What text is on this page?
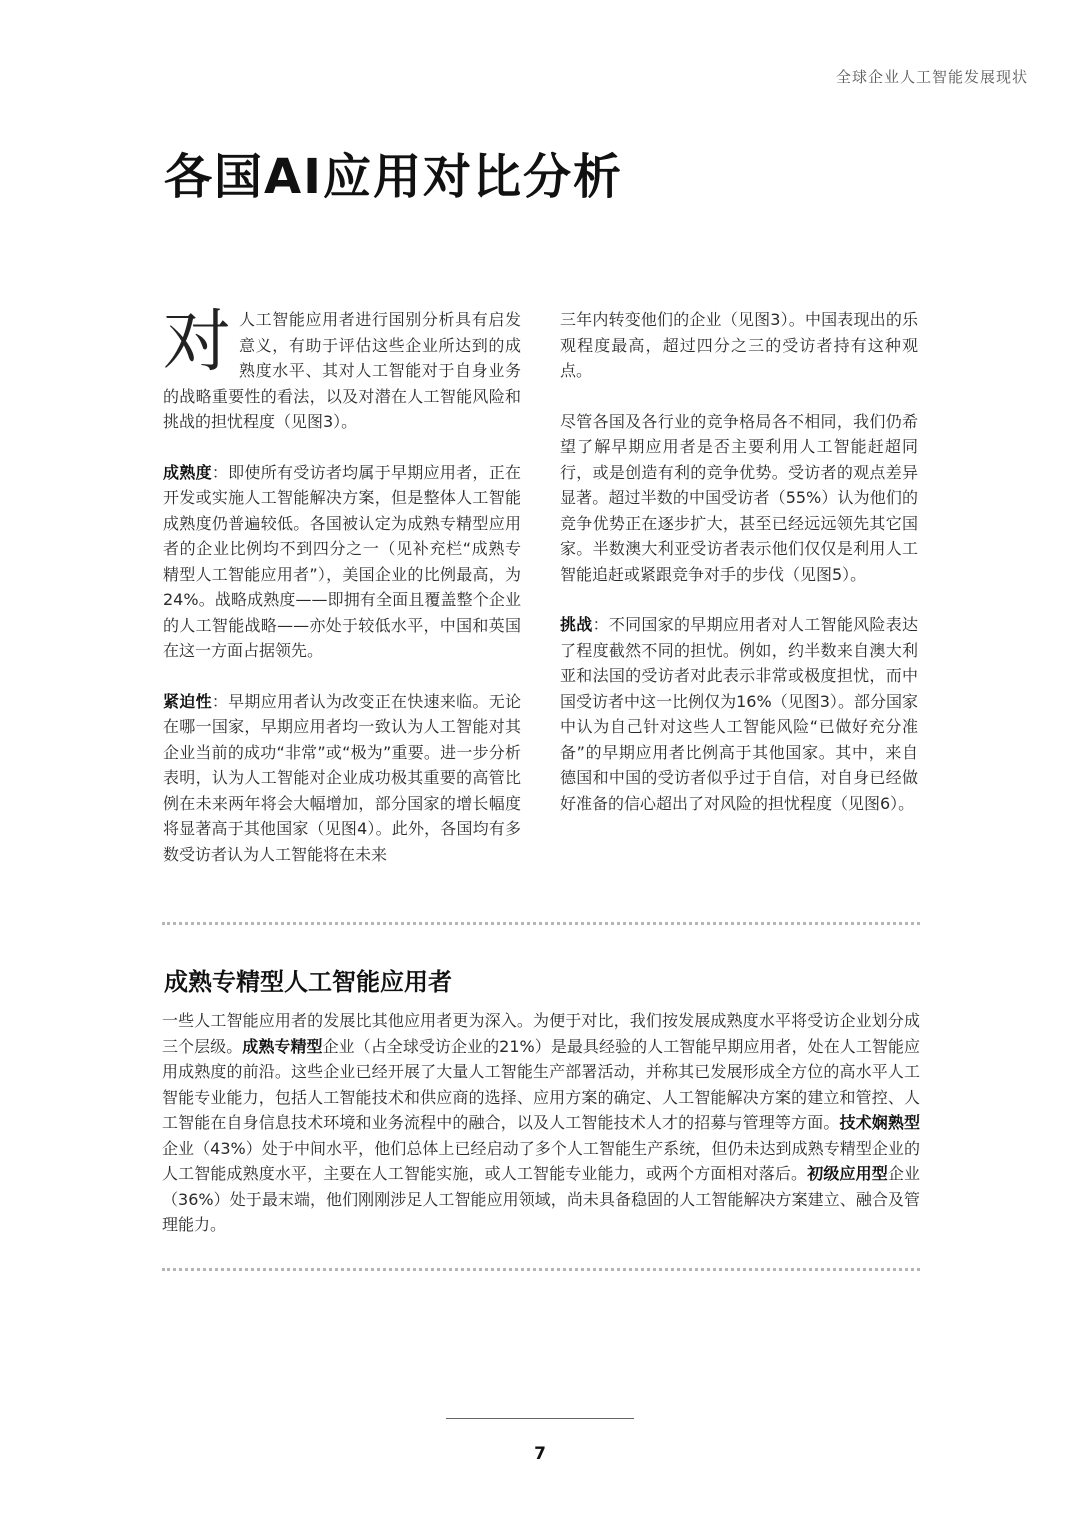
全球企业人工智能发展现状
各国AI应用对比分析

对人工智能应用者进行国别分析具有启发意义，有助于评估这些企业所达到的成熟度水平、其对人工智能对于自身业务的战略重要性的看法，以及对潜在人工智能风险和挑战的担忧程度（见图3）。

成熟度：即使所有受访者均属于早期应用者，正在开发或实施人工智能解决方案，但是整体人工智能成熟度仍普遍较低。各国被认定为成熟专精型应用者的企业比例均不到四分之一（见补充栏“成熟专精型人工智能应用者”），美国企业的比例最高，为24%。战略成熟度——即拥有全面且覆盖整个企业的人工智能战略——亦处于较低水平，中国和英国在这一方面占据领先。

紧迫性：早期应用者认为改变正在快速来临。无论在哪一国家，早期应用者均一致认为人工智能对其企业当前的成功“非常”或“极为”重要。进一步分析表明，认为人工智能对企业成功极其重要的高管比例在未来两年将会大幅增加，部分国家的增长幅度将显著高于其他国家（见图4）。此外，各国均有多数受访者认为人工智能将在未来

三年内转变他们的企业（见图3）。中国表现出的乐观程度最高，超过四分之三的受访者持有这种观点。

尽管各国及各行业的竞争格局各不相同，我们仍希望了解早期应用者是否主要利用人工智能赶超同行，或是创造有利的竞争优势。受访者的观点差异显著。超过半数的中国受访者（55%）认为他们的竞争优势正在逐步扩大，甚至已经远远领先其它国家。半数澳大利亚受访者表示他们仅仅是利用人工智能追赶或紧跟竞争对手的步伐（见图5）。

挑战：不同国家的早期应用者对人工智能风险表达了程度截然不同的担忧。例如，约半数来自澳大利亚和法国的受访者对此表示非常或极度担忧，而中国受访者中这一比例仅为16%（见图3）。部分国家中认为自己针对这些人工智能风险“已做好充分准备”的早期应用者比例高于其他国家。其中，来自德国和中国的受访者似乎过于自信，对自身已经做好准备的信心超出了对风险的担忧程度（见图6）。

成熟专精型人工智能应用者

一些人工智能应用者的发展比其他应用者更为深入。为便于对比，我们按发展成熟度水平将受访企业划分成三个层级。成熟专精型企业（占全球受访企业的21%）是最具经验的人工智能早期应用者，处在人工智能应用成熟度的前沿。这些企业已经开展了大量人工智能生产部署活动，并称其已发展形成全方位的高水平人工智能专业能力，包括人工智能技术和供应商的选择、应用方案的确定、人工智能解决方案的建立和管控、人工智能在自身信息技术环境和业务流程中的融合，以及人工智能技术人才的招募与管理等方面。技术娴熟型企业（43%）处于中间水平，他们总体上已经启动了多个人工智能生产系统，但仍未达到成熟专精型企业的人工智能成熟度水平，主要在人工智能实施，或人工智能专业能力，或两个方面相对落后。初级应用型企业（36%）处于最末端，他们刚刚涉足人工智能应用领域，尚未具备稳固的人工智能解决方案建立、融合及管理能力。

7
